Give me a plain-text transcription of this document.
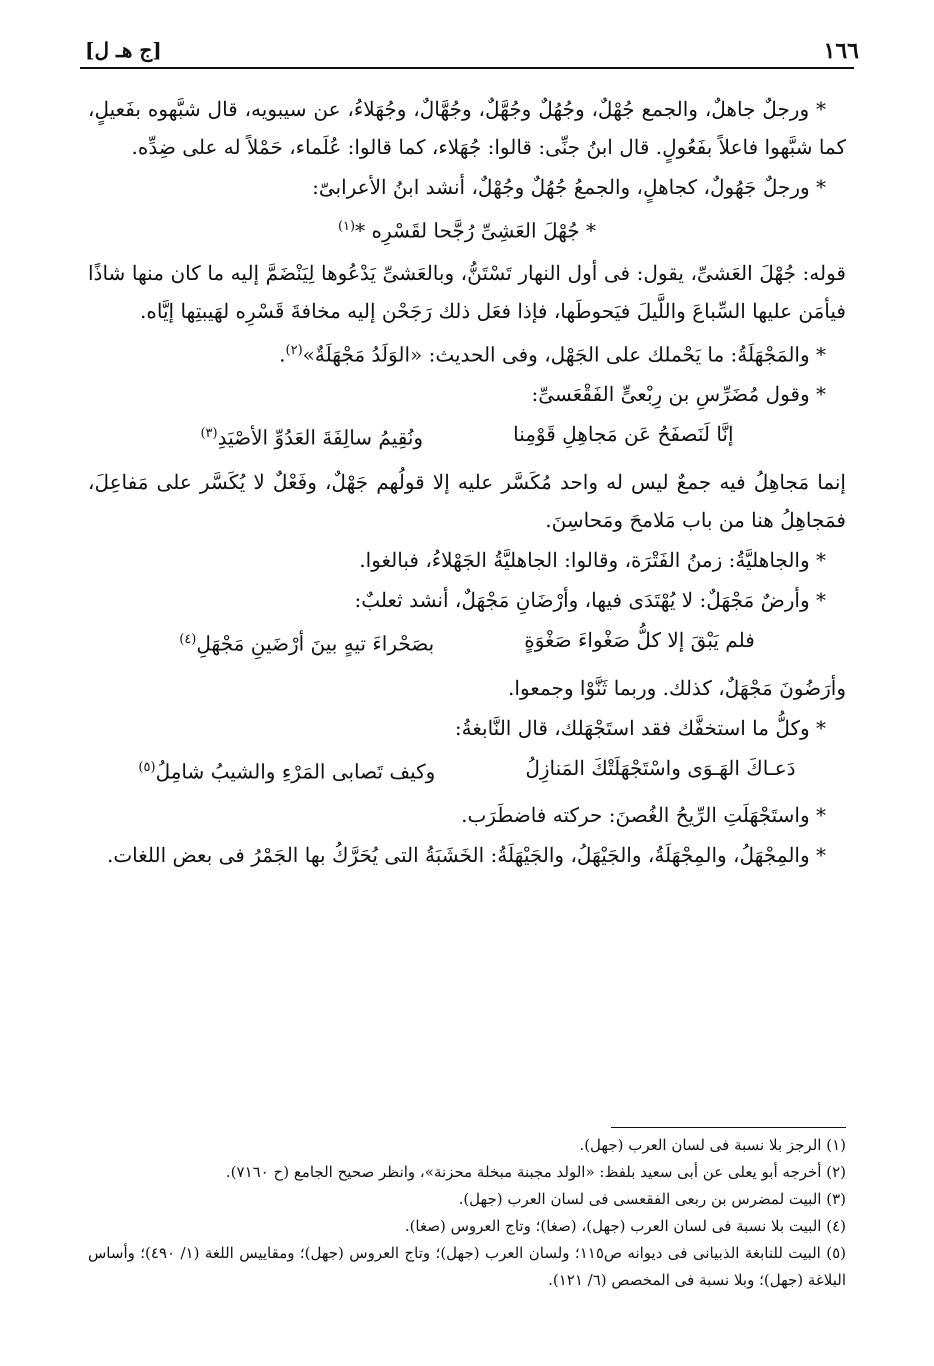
١٦٦
[ج هـ ل]

* ورجلٌ جاهلٌ، والجمع جُهْلٌ، وجُهُلٌ وجُهَّلٌ، وجُهَّالٌ، وجُهَلاءُ، عن سيبويه، قال شبَّهوه بفَعيلٍ، كما شبَّهوا فاعلاً بفَعُولٍ. قال ابنُ جنِّى: قالوا: جُهَلاء، كما قالوا: عُلَماء، حَمْلاً له على ضِدِّه.

* ورجلٌ جَهُولٌ، كجاهلٍ، والجمعُ جُهُلٌ وجُهْلٌ، أنشد ابنُ الأعرابىّ:

* جُهْلَ العَشِىِّ رُجَّحا لقَسْرِه *$^{(١)}$

قوله: جُهْلَ العَشىِّ، يقول: فى أول النهار تَسْتَنُّ، وبالعَشىِّ يَدْعُوها لِيَنْضَمَّ إليه ما كان منها شاذًا فيأمَن عليها السِّباعَ واللَّيلَ فيَحوطَها، فإذا فعَل ذلك رَجَحْن إليه مخافةَ قَسْرِه لهَيبتِها إيَّاه.

* والمَجْهَلَةُ: ما يَحْملك على الجَهْل، وفى الحديث: «الوَلَدُ مَجْهَلَةٌ»$^{(٢)}$.

* وقول مُضَرِّسِ بن رِبْعىٍّ الفَقْعَسىِّ:

إنَّا لَنَصفَحُ عَن مَجاهِلِ قَوْمِنا
ونُقِيمُ سالِفَةَ العَدُوِّ الأصْيَدِ$^{(٣)}$

إنما مَجاهِلُ فيه جمعٌ ليس له واحد مُكَسَّر عليه إلا قولُهم جَهْلٌ، وفَعْلٌ لا يُكَسَّر على مَفاعِلَ، فمَجاهِلُ هنا من باب مَلامحَ ومَحاسِنَ.

* والجاهليَّةُ: زمنُ الفَتْرَة، وقالوا: الجاهليَّةُ الجَهْلاءُ، فبالغوا.

* وأرضٌ مَجْهَلٌ: لا يُهْتَدَى فيها، وأرْضَانِ مَجْهَلٌ، أنشد ثعلبٌ:

فلم يَبْقَ إلا كلُّ صَغْواءَ صَغْوَةٍ
بصَحْراءَ تيهٍ بينَ أرْضَينِ مَجْهَلِ$^{(٤)}$

وأرَضُونَ مَجْهَلٌ، كذلك. وربما ثَنَّوْا وجمعوا.

* وكلُّ ما استخفَّك فقد استَجْهَلك، قال النَّابغةُ:

دَعـاكَ الهَـوَى واسْتَجْهَلَتْكَ المَنازِلُ
وكيف تَصابى المَرْءِ والشيبُ شامِلُ$^{(٥)}$

* واستَجْهَلَتِ الرِّيحُ الغُصنَ: حركته فاضطَرَب.

* والمِجْهَلُ، والمِجْهَلَةُ، والجَيْهَلُ، والجَيْهَلَةُ: الخَشَبَةُ التى يُحَرَّكُ بها الجَمْرُ فى بعض اللغات.

(١) الرجز بلا نسبة فى لسان العرب (جهل).

(٢) أخرجه أبو يعلى عن أبى سعيد بلفظ: «الولد مجبنة مبخلة محزنة»، وانظر صحيح الجامع (ح ٧١٦٠).

(٣) البيت لمضرس بن ربعى الفقعسى فى لسان العرب (جهل).

(٤) البيت بلا نسبة فى لسان العرب (جهل)، (صغا)؛ وتاج العروس (صغا).

(٥) البيت للنابغة الذبيانى فى ديوانه ص١١٥؛ ولسان العرب (جهل)؛ وتاج العروس (جهل)؛ ومقاييس اللغة (١/ ٤٩٠)؛ وأساس البلاغة (جهل)؛ وبلا نسبة فى المخصص (٦/ ١٢١).
